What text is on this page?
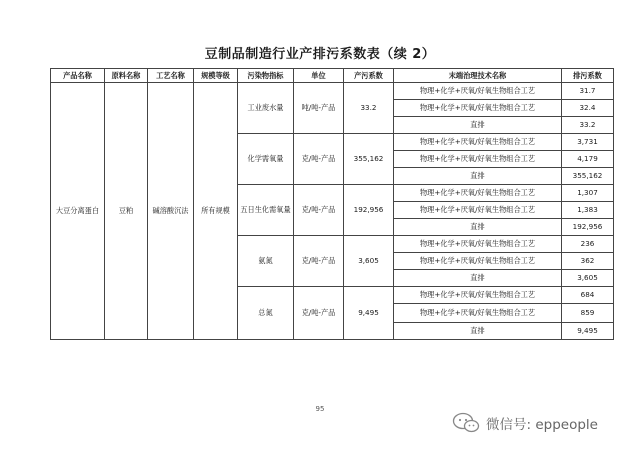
豆制品制造行业产排污系数表（续 2）
产品名称	原料名称	工艺名称	规模等级	污染物指标	单位	产污系数	末端治理技术名称	排污系数
大豆分离蛋白	豆粕	碱溶酸沉法	所有规模	工业废水量	吨/吨-产品	33.2	物理+化学+厌氧/好氧生物组合工艺	31.7
							物理+化学+厌氧/好氧生物组合工艺	32.4
							直排	33.2
				化学需氧量	克/吨-产品	355,162	物理+化学+厌氧/好氧生物组合工艺	3,731
							物理+化学+厌氧/好氧生物组合工艺	4,179
							直排	355,162
				五日生化需氧量	克/吨-产品	192,956	物理+化学+厌氧/好氧生物组合工艺	1,307
							物理+化学+厌氧/好氧生物组合工艺	1,383
							直排	192,956
				氨氮	克/吨-产品	3,605	物理+化学+厌氧/好氧生物组合工艺	236
							物理+化学+厌氧/好氧生物组合工艺	362
							直排	3,605
				总氮	克/吨-产品	9,495	物理+化学+厌氧/好氧生物组合工艺	684
							物理+化学+厌氧/好氧生物组合工艺	859
							直排	9,495
95
微信号: eppeople
